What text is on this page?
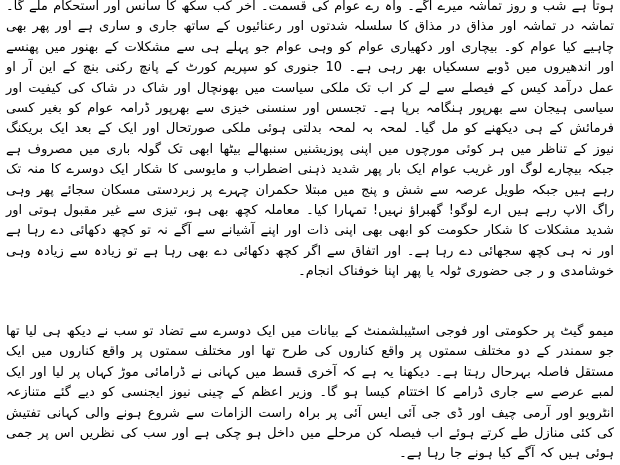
ہوتا ہے شب و روز تماشہ میرے آگے۔ واہ رے عوام کی قسمت۔ آخر کب سکھ کا سانس اور استحکام ملے گا۔ تماشہ در تماشہ اور مذاق در مذاق کا سلسلہ شدتوں اور رعنائیوں کے ساتھ جاری و ساری ہے اور پھر بھی چاہیے کیا عوام کو۔ بیچاری اور دکھیاری عوام کو وہی عوام جو پہلے ہی سے مشکلات کے بھنور میں پھنسے اور اندھیروں میں ڈوبے سسکیاں بھر رہی ہے۔ 10 جنوری کو سپریم کورٹ کے پانچ رکنی بنچ کے این آر او عمل درآمد کیس کے فیصلے سے لے کر اب تک ملکی سیاست میں بھونچال اور شاک در شاک کی کیفیت اور سیاسی ہیجان سے بھرپور ہنگامہ برپا ہے۔ تجسس اور سنسنی خیزی سے بھرپور ڈرامہ عوام کو بغیر کسی فرمائش کے ہی دیکھنے کو مل گیا۔ لمحہ بہ لمحہ بدلتی ہوئی ملکی صورتحال اور ایک کے بعد ایک بریکنگ نیوز کے تناظر میں ہر کوئی مورچوں میں اپنی پوزیشنیں سنبھالے بیٹھا ابھی تک گولہ باری میں مصروف ہے جبکہ بیچارے لوگ اور غریب عوام ایک بار پھر شدید ذہنی اضطراب و مایوسی کا شکار ایک دوسرے کا منہ تک رہے ہیں جبکہ طویل عرصہ سے شش و پنج میں مبتلا حکمران چہرے پر زبردستی مسکان سجائے پھر وہی راگ الاپ رہے ہیں ارے لوگو! گھبراؤ نہیں! تمہارا کیا۔ معاملہ کچھ بھی ہو، تیزی سے غیر مقبول ہوتی اور شدید مشکلات کا شکار حکومت کو ابھی بھی اپنی ذات اور اپنے آشیانے سے آگے نہ تو کچھ دکھائی دے رہا ہے اور نہ ہی کچھ سجھائی دے رہا ہے۔ اور اتفاق سے اگر کچھ دکھائی دے بھی رہا ہے تو زیادہ سے زیادہ وہی خوشامدی و ر جی حضوری ٹولہ یا پھر اپنا خوفناک انجام۔

میمو گیٹ پر حکومتی اور فوجی اسٹیبلشمنٹ کے بیانات میں ایک دوسرے سے تضاد تو سب نے دیکھ ہی لیا تھا جو سمندر کے دو مختلف سمتوں پر واقع کناروں کی طرح تھا اور مختلف سمتوں پر واقع کناروں میں ایک مستقل فاصلہ بہرحال رہتا ہے۔ دیکھنا یہ ہے کہ آخری قسط میں کہانی نے ڈرامائی موڑ کہاں پر لیا اور ایک لمبے عرصے سے جاری ڈرامے کا اختتام کیسا ہو گا۔ وزیر اعظم کے چینی نیوز ایجنسی کو دیے گئے متنازعہ انٹرویو اور آرمی چیف اور ڈی جی آئی ایس آئی پر براہ راست الزامات سے شروع ہونے والی کہانی تفتیش کی کئی منازل طے کرتے ہوئے اب فیصلہ کن مرحلے میں داخل ہو چکی ہے اور سب کی نظریں اس پر جمی ہوئی ہیں کہ آگے کیا ہونے جا رہا ہے۔
